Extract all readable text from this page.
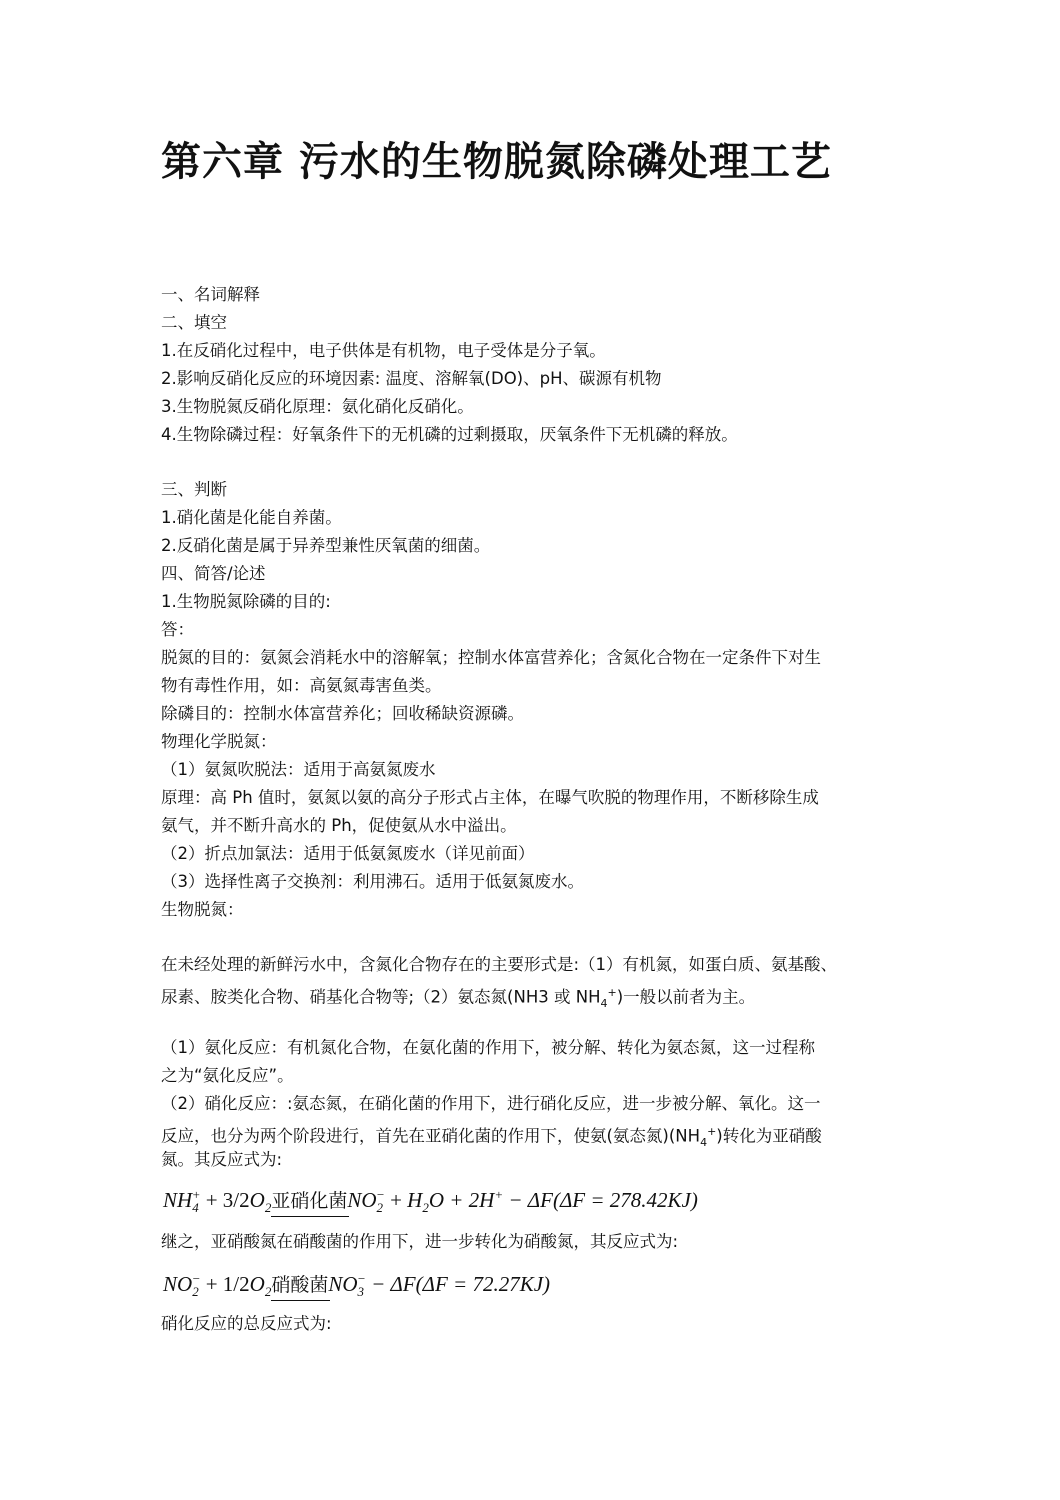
第六章 污水的生物脱氮除磷处理工艺
一、名词解释
二、填空
1.在反硝化过程中，电子供体是有机物，电子受体是分子氧。
2.影响反硝化反应的环境因素: 温度、溶解氧(DO)、pH、碳源有机物
3.生物脱氮反硝化原理：氨化硝化反硝化。
4.生物除磷过程：好氧条件下的无机磷的过剩摄取，厌氧条件下无机磷的释放。
三、判断
1.硝化菌是化能自养菌。
2.反硝化菌是属于异养型兼性厌氧菌的细菌。
四、简答/论述
1.生物脱氮除磷的目的:
答：
脱氮的目的：氨氮会消耗水中的溶解氧；控制水体富营养化；含氮化合物在一定条件下对生
物有毒性作用，如：高氨氮毒害鱼类。
除磷目的：控制水体富营养化；回收稀缺资源磷。
物理化学脱氮：
（1）氨氮吹脱法：适用于高氨氮废水
原理：高 Ph 值时，氨氮以氨的高分子形式占主体，在曝气吹脱的物理作用，不断移除生成
氨气，并不断升高水的 Ph，促使氨从水中溢出。
（2）折点加氯法：适用于低氨氮废水（详见前面）
（3）选择性离子交换剂：利用沸石。适用于低氨氮废水。
生物脱氮：
在未经处理的新鲜污水中，含氮化合物存在的主要形式是:（1）有机氮，如蛋白质、氨基酸、
尿素、胺类化合物、硝基化合物等;（2）氨态氮(NH3 或 $NH_4^+$)一般以前者为主。
（1）氨化反应：有机氮化合物，在氨化菌的作用下，被分解、转化为氨态氮，这一过程称
之为“氨化反应”。
（2）硝化反应：:氨态氮，在硝化菌的作用下，进行硝化反应，进一步被分解、氧化。这一
反应，也分为两个阶段进行，首先在亚硝化菌的作用下，使氨(氨态氮)$(NH_4^+)$转化为亚硝酸
氮。其反应式为:
$NH_4^+ + 3/2O_2$亚硝化菌$NO_2^- + H_2O + 2H^+ - \Delta F(\Delta F = 278.42KJ)$
继之，亚硝酸氮在硝酸菌的作用下，进一步转化为硝酸氮，其反应式为:
$NO_2^- + 1/2O_2$硝酸菌$NO_3^- - \Delta F(\Delta F = 72.27KJ)$
硝化反应的总反应式为:
